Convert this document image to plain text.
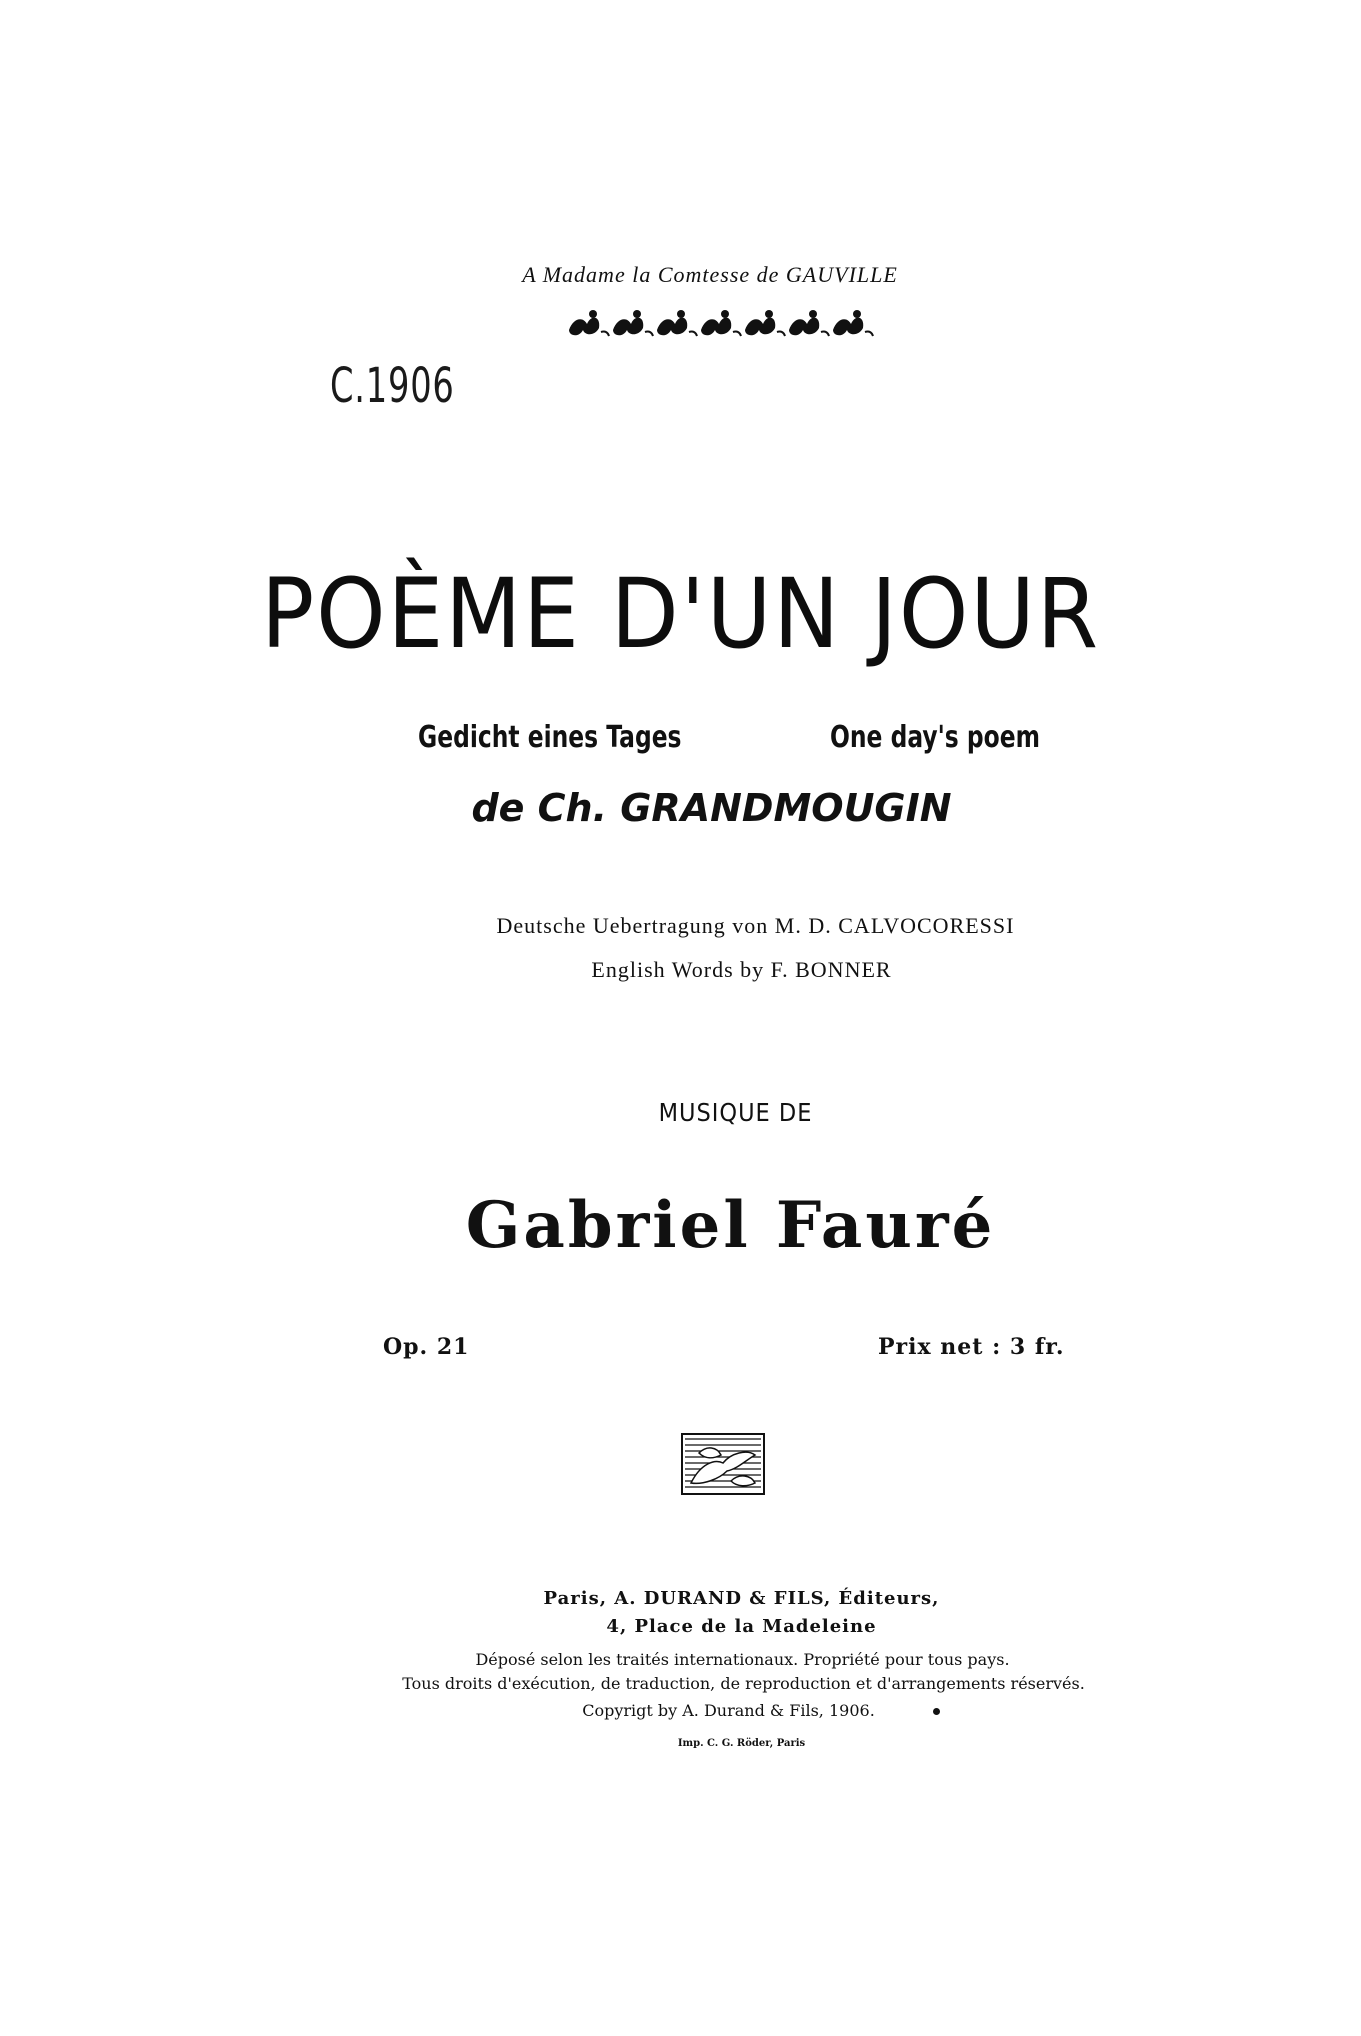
A Madame la Comtesse de GAUVILLE
C.1906
POÈME D'UN JOUR
Gedicht eines Tages	One day's poem
de Ch. GRANDMOUGIN
Deutsche Uebertragung von M. D. CALVOCORESSI
English Words by F. BONNER
MUSIQUE DE
Gabriel Fauré
Op. 21	Prix net : 3 fr.
Paris, A. DURAND & FILS, Éditeurs,
4, Place de la Madeleine
Déposé selon les traités internationaux. Propriété pour tous pays.
Tous droits d'exécution, de traduction, de reproduction et d'arrangements réservés.
Copyrigt by A. Durand & Fils, 1906.
Imp. C. G. Röder, Paris
